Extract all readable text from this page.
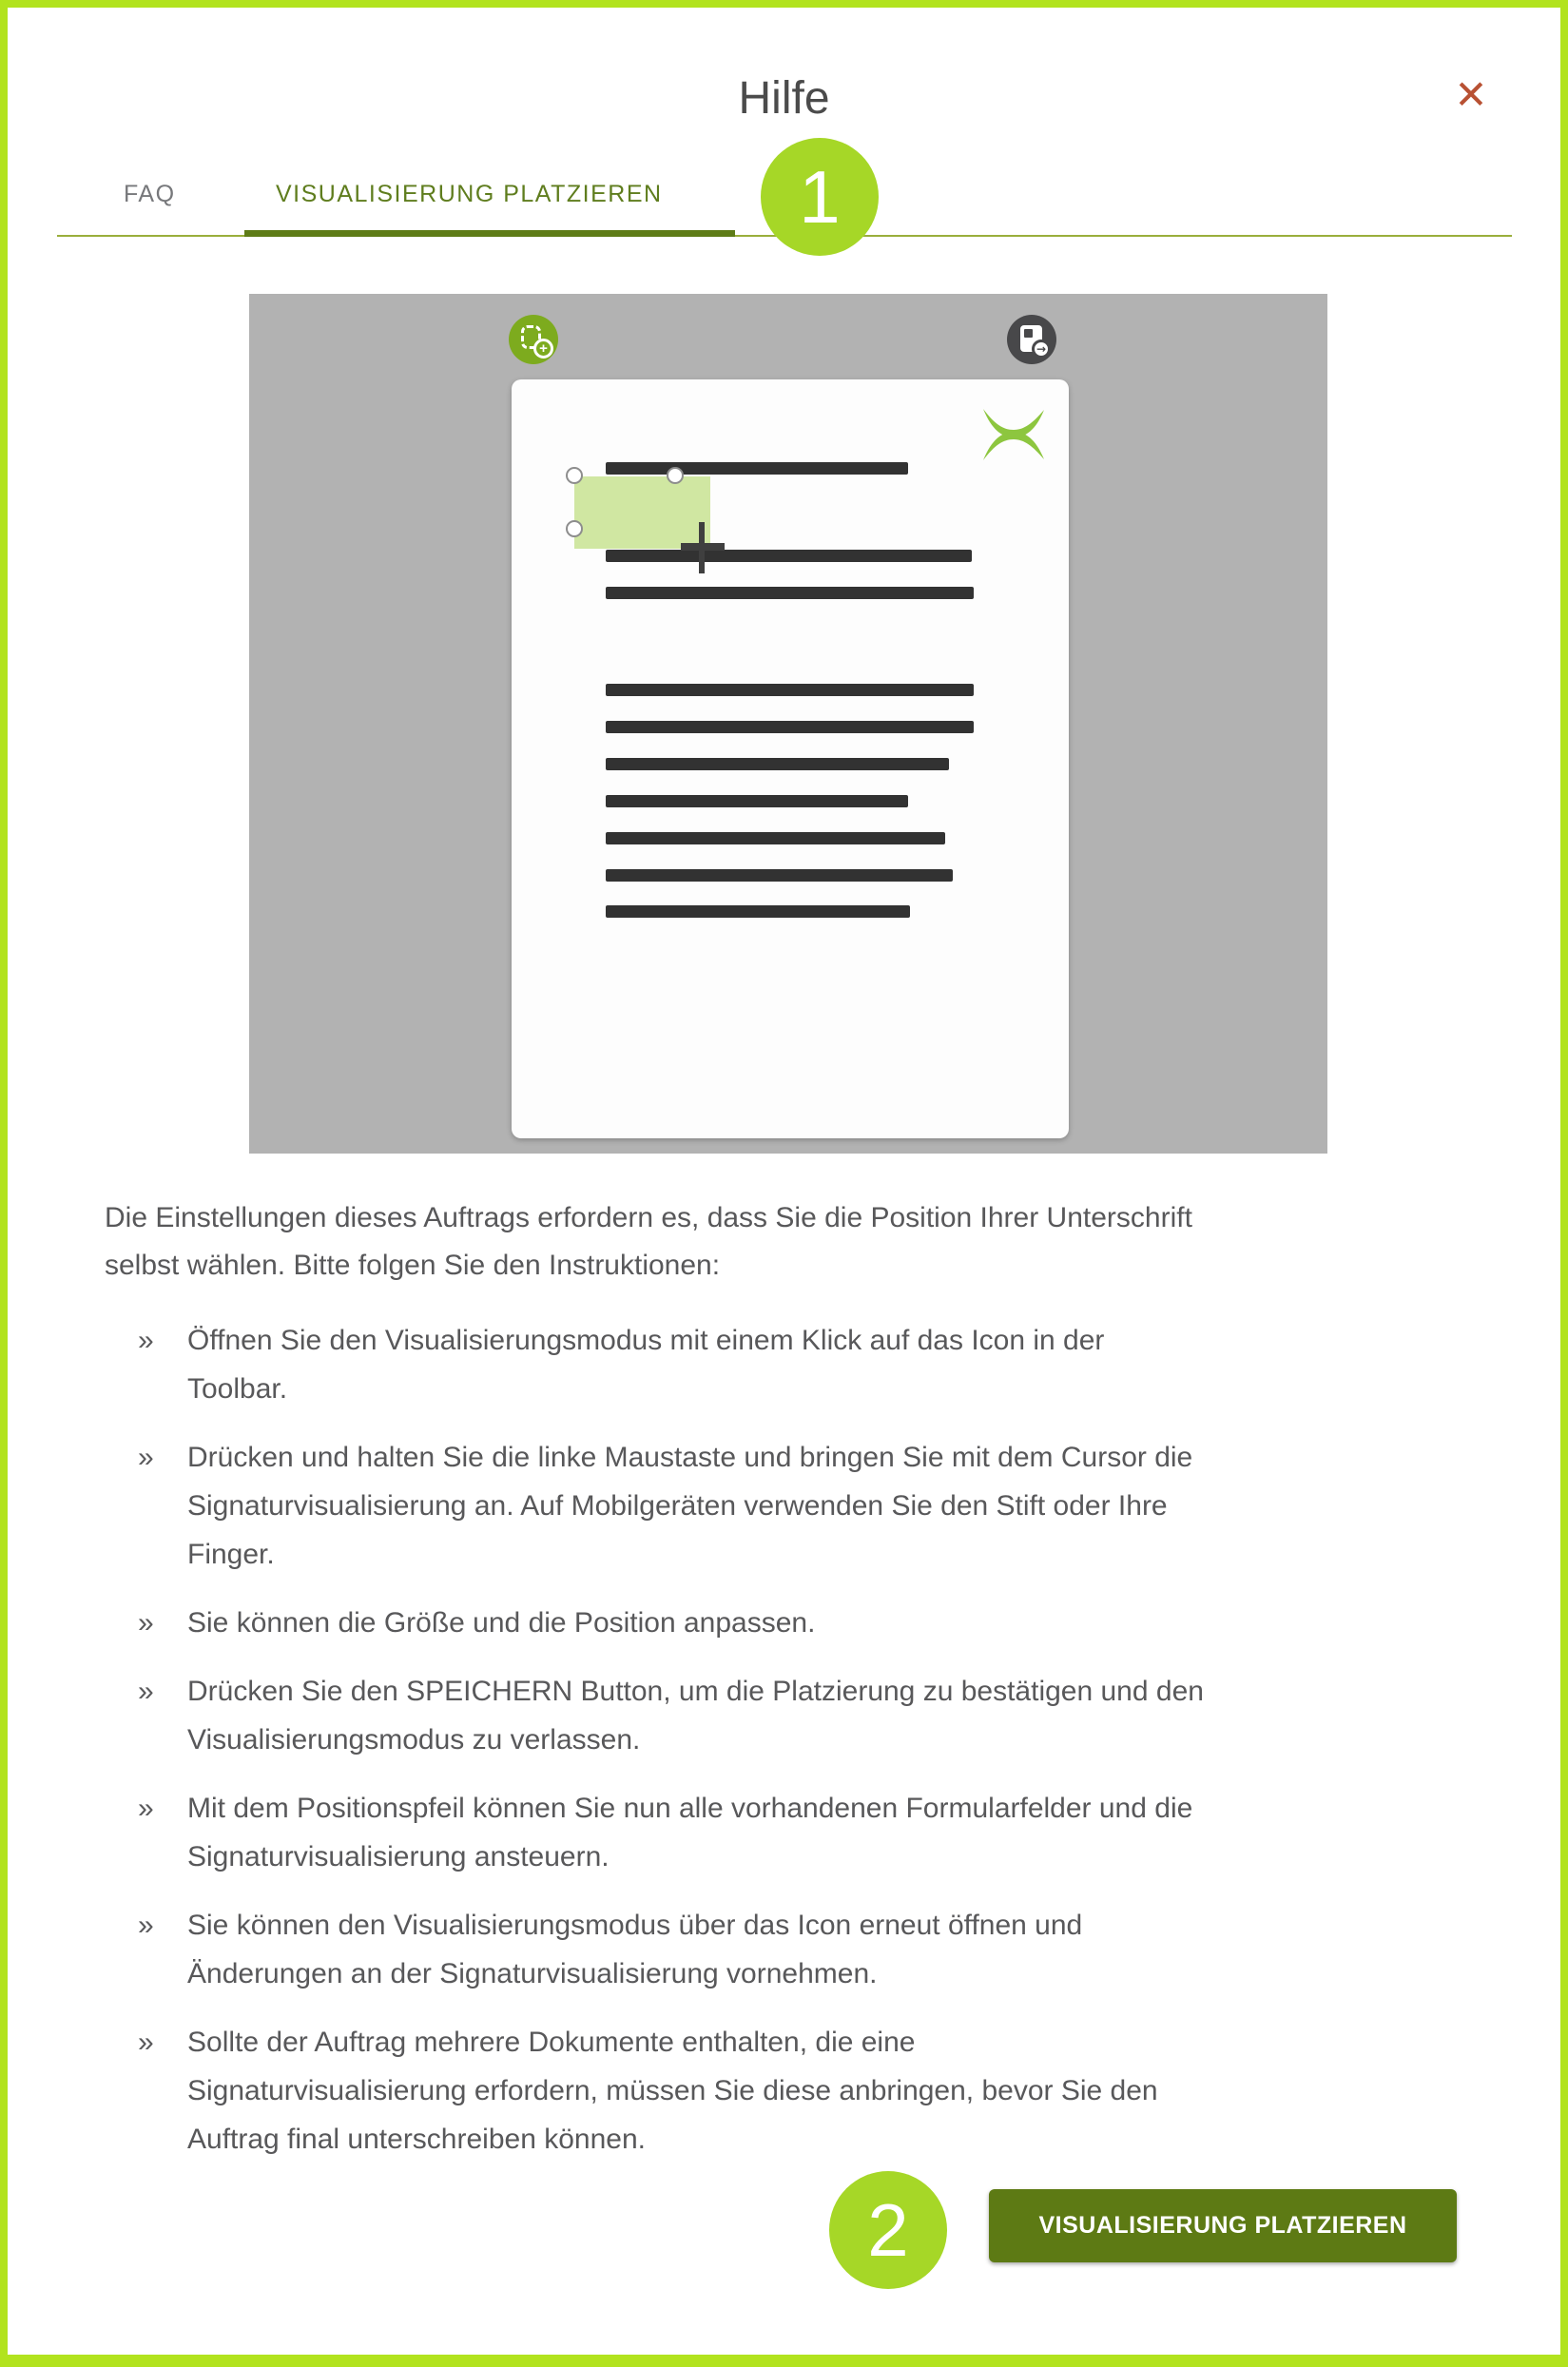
Hilfe	✕
FAQ	VISUALISIERUNG PLATZIEREN	1
+	→
Die Einstellungen dieses Auftrags erfordern es, dass Sie die Position Ihrer Unterschrift
selbst wählen. Bitte folgen Sie den Instruktionen:
»	Öffnen Sie den Visualisierungsmodus mit einem Klick auf das Icon in der
Toolbar.
»	Drücken und halten Sie die linke Maustaste und bringen Sie mit dem Cursor die
Signaturvisualisierung an. Auf Mobilgeräten verwenden Sie den Stift oder Ihre
Finger.
»	Sie können die Größe und die Position anpassen.
»	Drücken Sie den SPEICHERN Button, um die Platzierung zu bestätigen und den
Visualisierungsmodus zu verlassen.
»	Mit dem Positionspfeil können Sie nun alle vorhandenen Formularfelder und die
Signaturvisualisierung ansteuern.
»	Sie können den Visualisierungsmodus über das Icon erneut öffnen und
Änderungen an der Signaturvisualisierung vornehmen.
»	Sollte der Auftrag mehrere Dokumente enthalten, die eine
Signaturvisualisierung erfordern, müssen Sie diese anbringen, bevor Sie den
Auftrag final unterschreiben können.
2	VISUALISIERUNG PLATZIEREN
